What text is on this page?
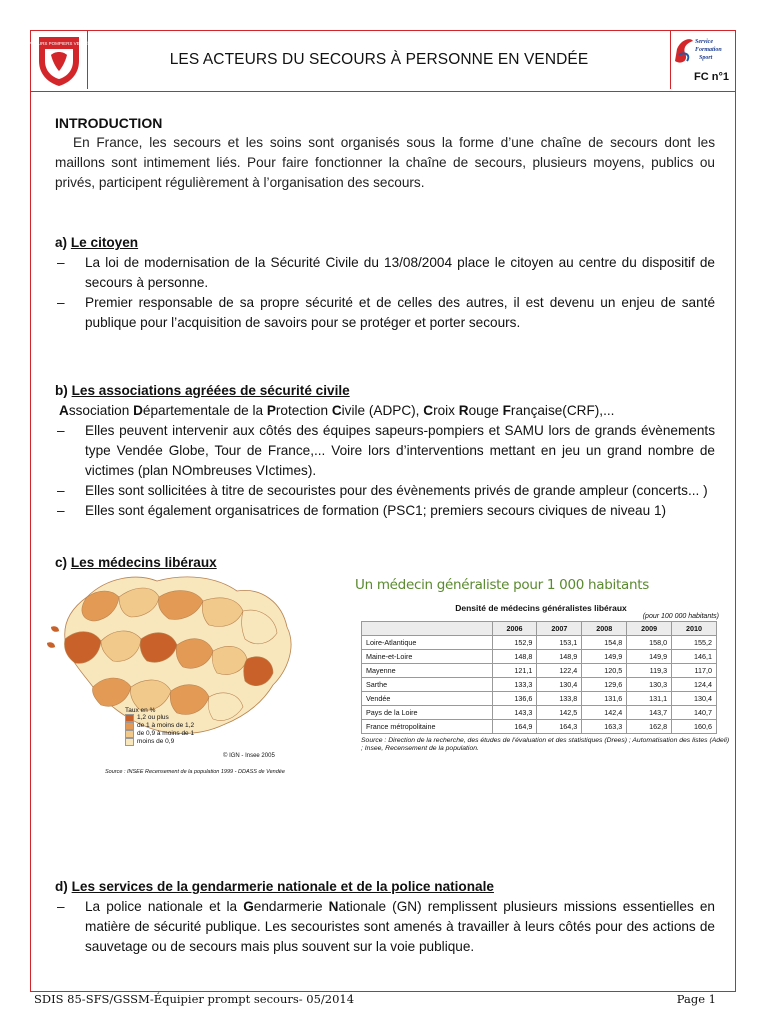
SAPEURS POMPIERS VENDÉE
LES ACTEURS DU SECOURS À PERSONNE EN VENDÉE
Service
Formation
Sport
FC n°1

INTRODUCTION

En France, les secours et les soins sont organisés sous la forme d’une chaîne de secours dont les maillons sont intimement liés. Pour faire fonctionner la chaîne de secours, plusieurs moyens, publics ou privés, participent régulièrement à l’organisation des secours.

a) Le citoyen

–	La loi de modernisation de la Sécurité Civile du 13/08/2004 place le citoyen au centre du dispositif de secours à personne.
–	Premier responsable de sa propre sécurité et de celles des autres, il est devenu un enjeu de santé publique pour l’acquisition de savoirs pour se protéger et porter secours.

b) Les associations agréées de sécurité civile

Association Départementale de la Protection Civile (ADPC), Croix Rouge Française(CRF),...

–	Elles peuvent intervenir aux côtés des équipes sapeurs-pompiers et SAMU lors de grands évènements type Vendée Globe, Tour de France,... Voire lors d’interventions mettant en jeu un grand nombre de victimes (plan NOmbreuses VIctimes).
–	Elles sont sollicitées à titre de secouristes pour des évènements privés de grande ampleur (concerts... )
–	Elles sont également organisatrices de formation (PSC1; premiers secours civiques de niveau 1)

c) Les médecins libéraux

Taux en %
1,2 ou plus
de 1 à moins de 1,2
de 0,9 à moins de 1
moins de 0,9
© IGN - Insee 2005
Source : INSEE Recensement de la population 1999 - DDASS de Vendée

Un médecin généraliste pour 1 000 habitants

Densité de médecins généralistes libéraux

(pour 100 000 habitants)

	2006	2007	2008	2009	2010
Loire-Atlantique	152,9	153,1	154,8	158,0	155,2
Maine-et-Loire	148,8	148,9	149,9	149,9	146,1
Mayenne	121,1	122,4	120,5	119,3	117,0
Sarthe	133,3	130,4	129,6	130,3	124,4
Vendée	136,6	133,8	131,6	131,1	130,4
Pays de la Loire	143,3	142,5	142,4	143,7	140,7
France métropolitaine	164,9	164,3	163,3	162,8	160,6

Source : Direction de la recherche, des études de l’évaluation et des statistiques (Drees) ; Automatisation des listes (Adeli) ; Insee, Recensement de la population.

d) Les services de la gendarmerie nationale et de la police nationale

–	La police nationale et la Gendarmerie Nationale (GN) remplissent plusieurs missions essentielles en matière de sécurité publique. Les secouristes sont amenés à travailler à leurs côtés pour des actions de sauvetage ou de secours mais plus souvent sur la voie publique.
SDIS 85-SFS/GSSM-Équipier prompt secours- 05/2014	Page 1
